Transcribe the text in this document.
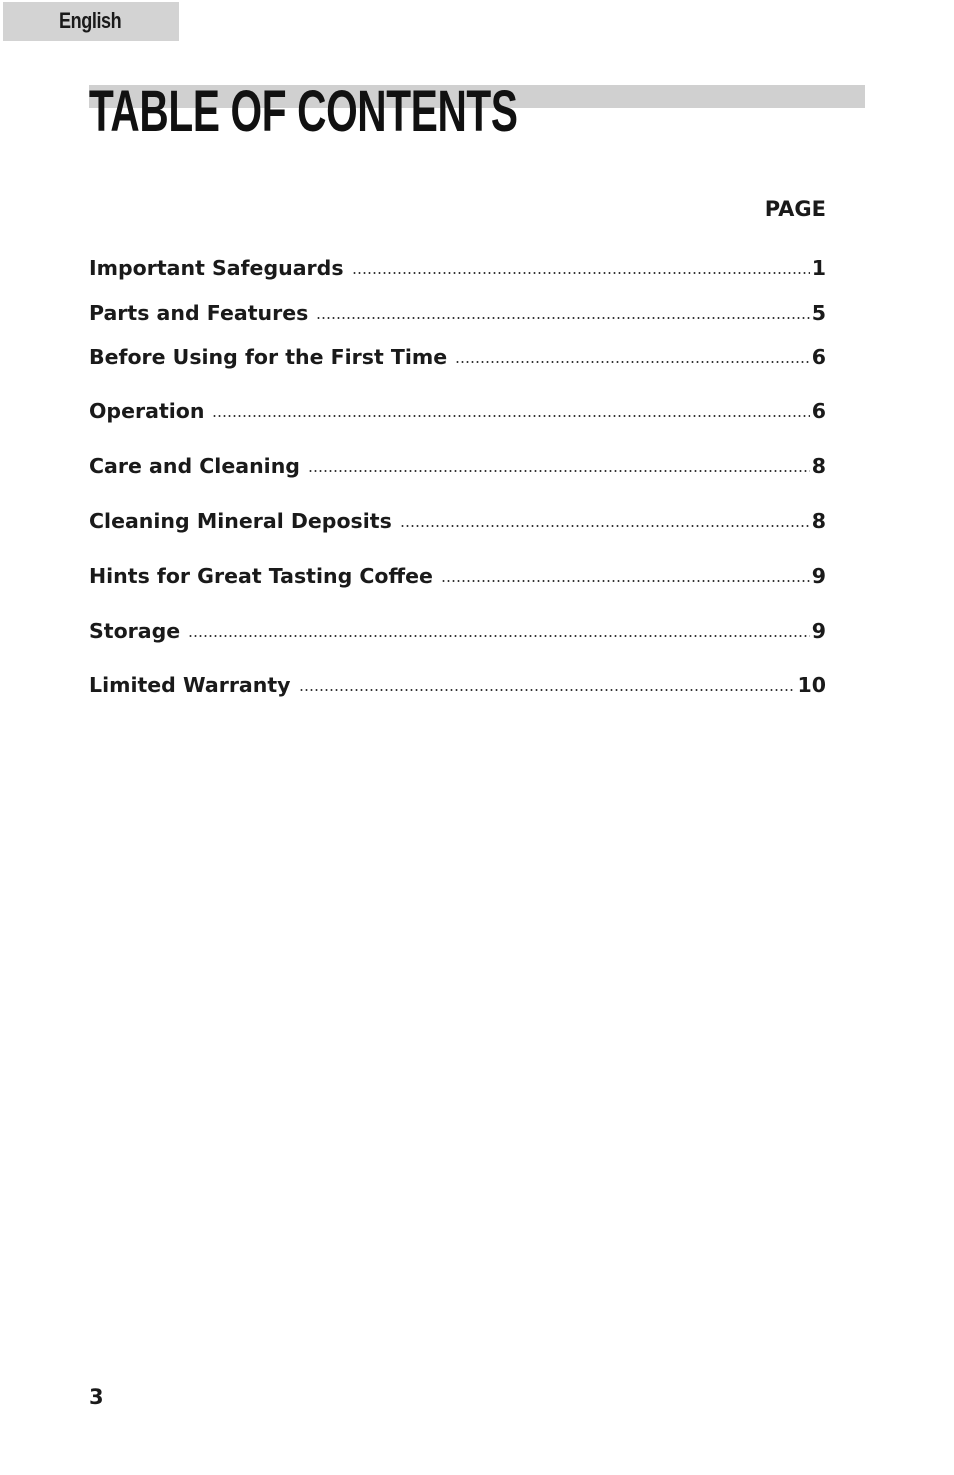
English
TABLE OF CONTENTS
PAGE
Important Safeguards	1
Parts and Features	5
Before Using for the First Time	6
Operation	6
Care and Cleaning	8
Cleaning Mineral Deposits	8
Hints for Great Tasting Coffee	9
Storage	9
Limited Warranty	10
3
